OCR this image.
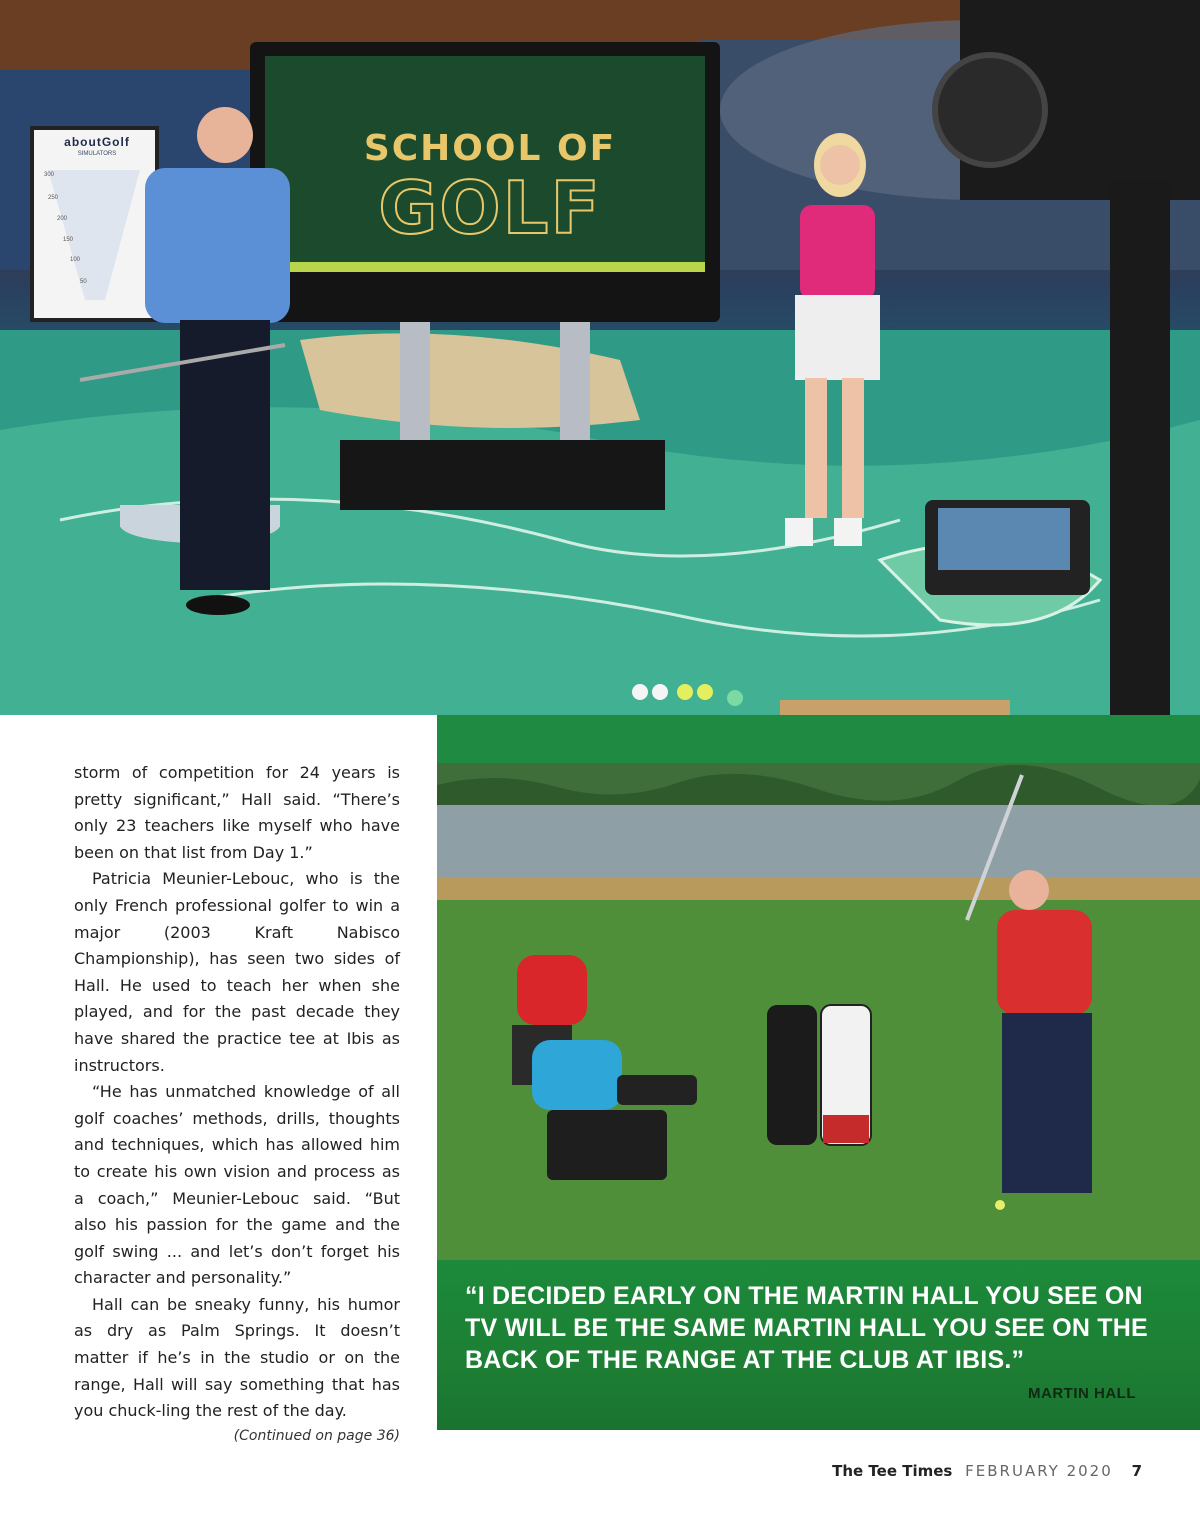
aboutGolf
SIMULATORS
300
250
200
150
100
50
SCHOOL OF
GOLF

storm of competition for 24 years is pretty significant,” Hall said. “There’s only 23 teachers like myself who have been on that list from Day 1.”

Patricia Meunier-Lebouc, who is the only French professional golfer to win a major (2003 Kraft Nabisco Championship), has seen two sides of Hall. He used to teach her when she played, and for the past decade they have shared the practice tee at Ibis as instructors.

“He has unmatched knowledge of all golf coaches’ methods, drills, thoughts and techniques, which has allowed him to create his own vision and process as a coach,” Meunier-Lebouc said. “But also his passion for the game and the golf swing ... and let’s don’t forget his character and personality.”

Hall can be sneaky funny, his humor as dry as Palm Springs. It doesn’t matter if he’s in the studio or on the range, Hall will say something that has you chuck-ling the rest of the day.

(Continued on page 36)
“I DECIDED EARLY ON THE MARTIN HALL YOU SEE ON TV WILL BE THE SAME MARTIN HALL YOU SEE ON THE BACK OF THE RANGE AT THE CLUB AT IBIS.”
MARTIN HALL
The Tee Times FEBRUARY 2020 7
